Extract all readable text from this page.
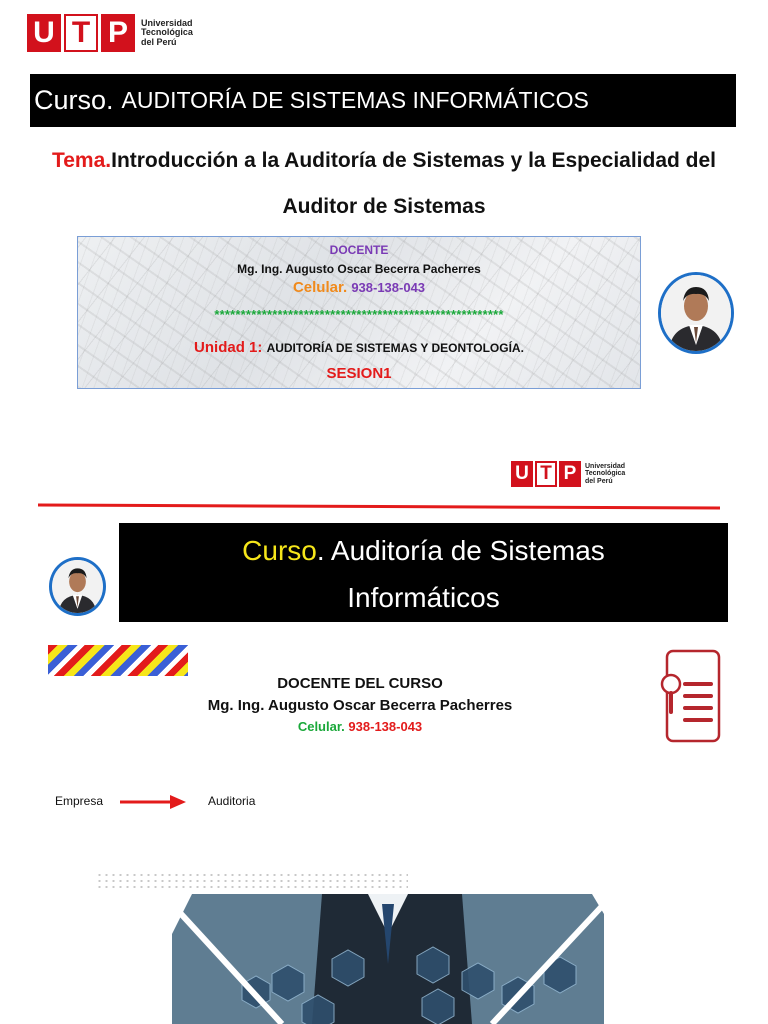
U T P	Universidad
Tecnológica
del Perú
Curso. AUDITORÍA DE SISTEMAS INFORMÁTICOS
Tema.Introducción a la Auditoría de Sistemas y la Especialidad del Auditor de Sistemas
DOCENTE
Mg. Ing. Augusto Oscar Becerra Pacherres
Celular. 938-138-043
*******************************************************
Unidad 1: AUDITORÍA DE SISTEMAS Y DEONTOLOGÍA.
SESION1
U T P	Universidad
Tecnológica
del Perú
Curso. Auditoría de Sistemas
Informáticos
DOCENTE DEL CURSO
Mg. Ing. Augusto Oscar Becerra Pacherres
Celular. 938-138-043
Empresa	Auditoria
